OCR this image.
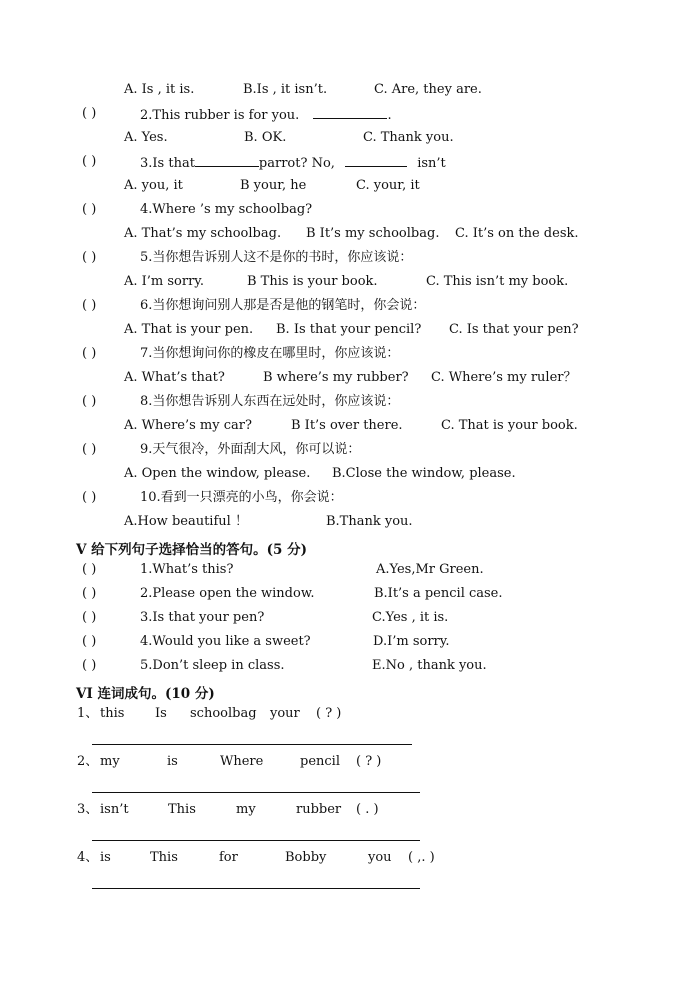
A. Is , it is.	B.Is , it isn’t.	C. Are, they are.
( )	2.This rubber is for you.	.
A. Yes.	B. OK.	C. Thank you.
( )	3.Is that	parrot? No,	isn’t
A. you, it	B your, he	C. your, it
( )	4.Where ’s my schoolbag?
A. That’s my schoolbag. B It’s my schoolbag. C. It’s on the desk.
( )	5.当你想告诉别人这不是你的书时，你应该说：
A. I’m sorry.	B This is your book.	C. This isn’t my book.
( )	6.当你想询问别人那是否是他的钢笔时，你会说：
A. That is your pen. B. Is that your pencil? C. Is that your pen?
( )	7.当你想询问你的橡皮在哪里时，你应该说：
A. What’s that?	B where’s my rubber? C. Where’s my ruler？
( )	8.当你想告诉别人东西在远处时，你应该说：
A. Where’s my car?	B It’s over there.	C. That is your book.
( )	9.天气很冷，外面刮大风，你可以说：
A. Open the window, please. B.Close the window, please.
( )	10.看到一只漂亮的小鸟，你会说：
A.How beautiful ！	B.Thank you.
V 给下列句子选择恰当的答句。(5 分)
( )	1.What’s this?	A.Yes,Mr Green.
( )	2.Please open the window.	B.It’s a pencil case.
( )	3.Is that your pen?	C.Yes , it is.
( )	4.Would you like a sweet?	D.I’m sorry.
( )	5.Don’t sleep in class.	E.No , thank you.
VI 连词成句。(10 分)
1、 this Is schoolbag your ( ? )
2、 my	is	Where	pencil ( ? )
3、 isn’t	This	my	rubber ( . )
4、 is	This	for	Bobby	you ( ,. )
